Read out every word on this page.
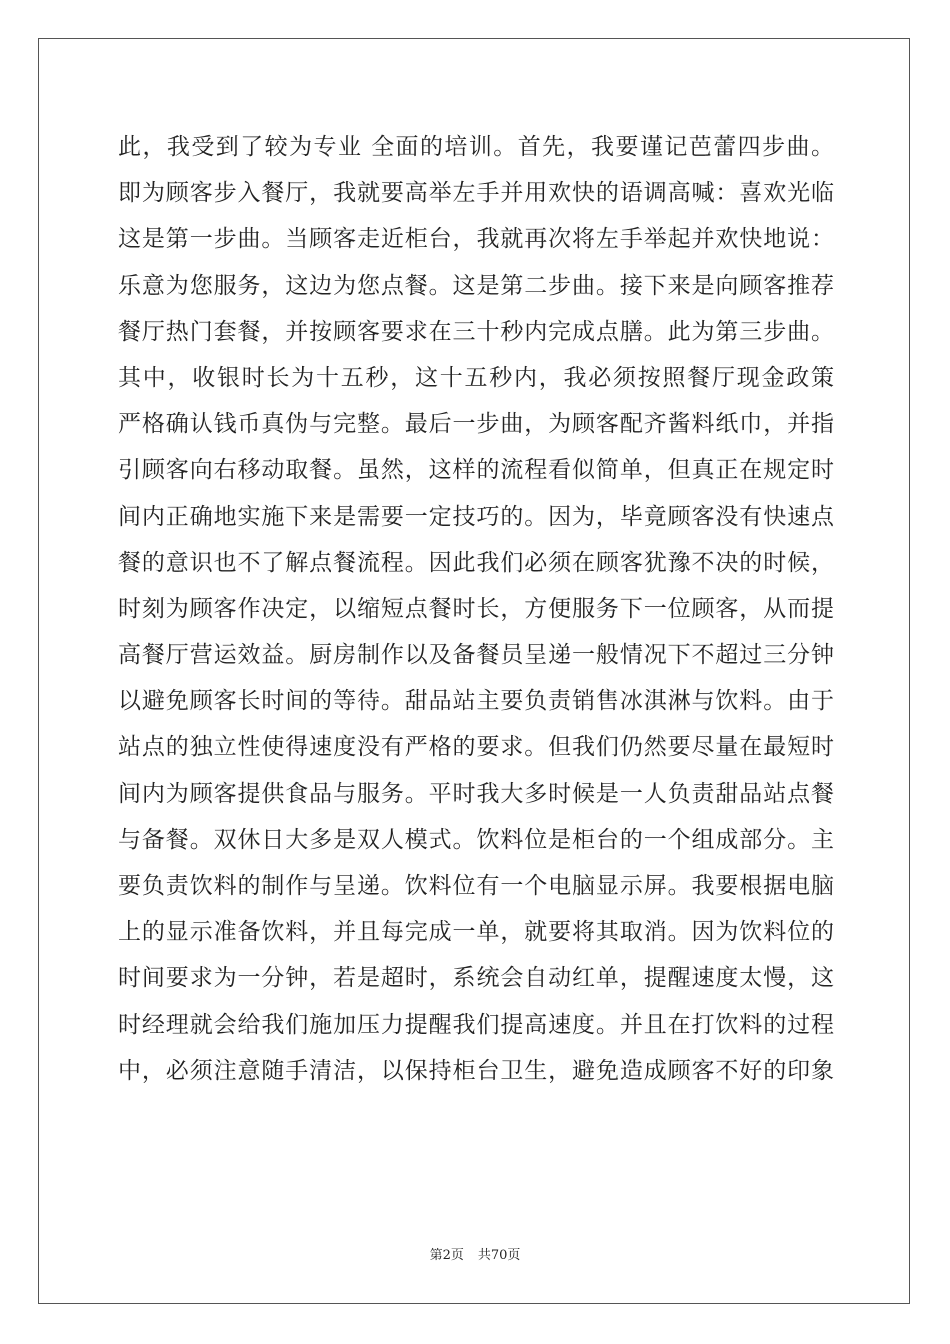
此，我受到了较为专业 全面的培训。首先，我要谨记芭蕾四步曲。
即为顾客步入餐厅，我就要高举左手并用欢快的语调高喊：喜欢光临
这是第一步曲。当顾客走近柜台，我就再次将左手举起并欢快地说：
乐意为您服务，这边为您点餐。这是第二步曲。接下来是向顾客推荐
餐厅热门套餐，并按顾客要求在三十秒内完成点膳。此为第三步曲。
其中，收银时长为十五秒，这十五秒内，我必须按照餐厅现金政策
严格确认钱币真伪与完整。最后一步曲，为顾客配齐酱料纸巾，并指
引顾客向右移动取餐。虽然，这样的流程看似简单，但真正在规定时
间内正确地实施下来是需要一定技巧的。因为，毕竟顾客没有快速点
餐的意识也不了解点餐流程。因此我们必须在顾客犹豫不决的时候，
时刻为顾客作决定，以缩短点餐时长，方便服务下一位顾客，从而提
高餐厅营运效益。厨房制作以及备餐员呈递一般情况下不超过三分钟
以避免顾客长时间的等待。甜品站主要负责销售冰淇淋与饮料。由于
站点的独立性使得速度没有严格的要求。但我们仍然要尽量在最短时
间内为顾客提供食品与服务。平时我大多时候是一人负责甜品站点餐
与备餐。双休日大多是双人模式。饮料位是柜台的一个组成部分。主
要负责饮料的制作与呈递。饮料位有一个电脑显示屏。我要根据电脑
上的显示准备饮料，并且每完成一单，就要将其取消。因为饮料位的
时间要求为一分钟，若是超时，系统会自动红单，提醒速度太慢，这
时经理就会给我们施加压力提醒我们提高速度。并且在打饮料的过程
中，必须注意随手清洁，以保持柜台卫生，避免造成顾客不好的印象
第2页 共70页
